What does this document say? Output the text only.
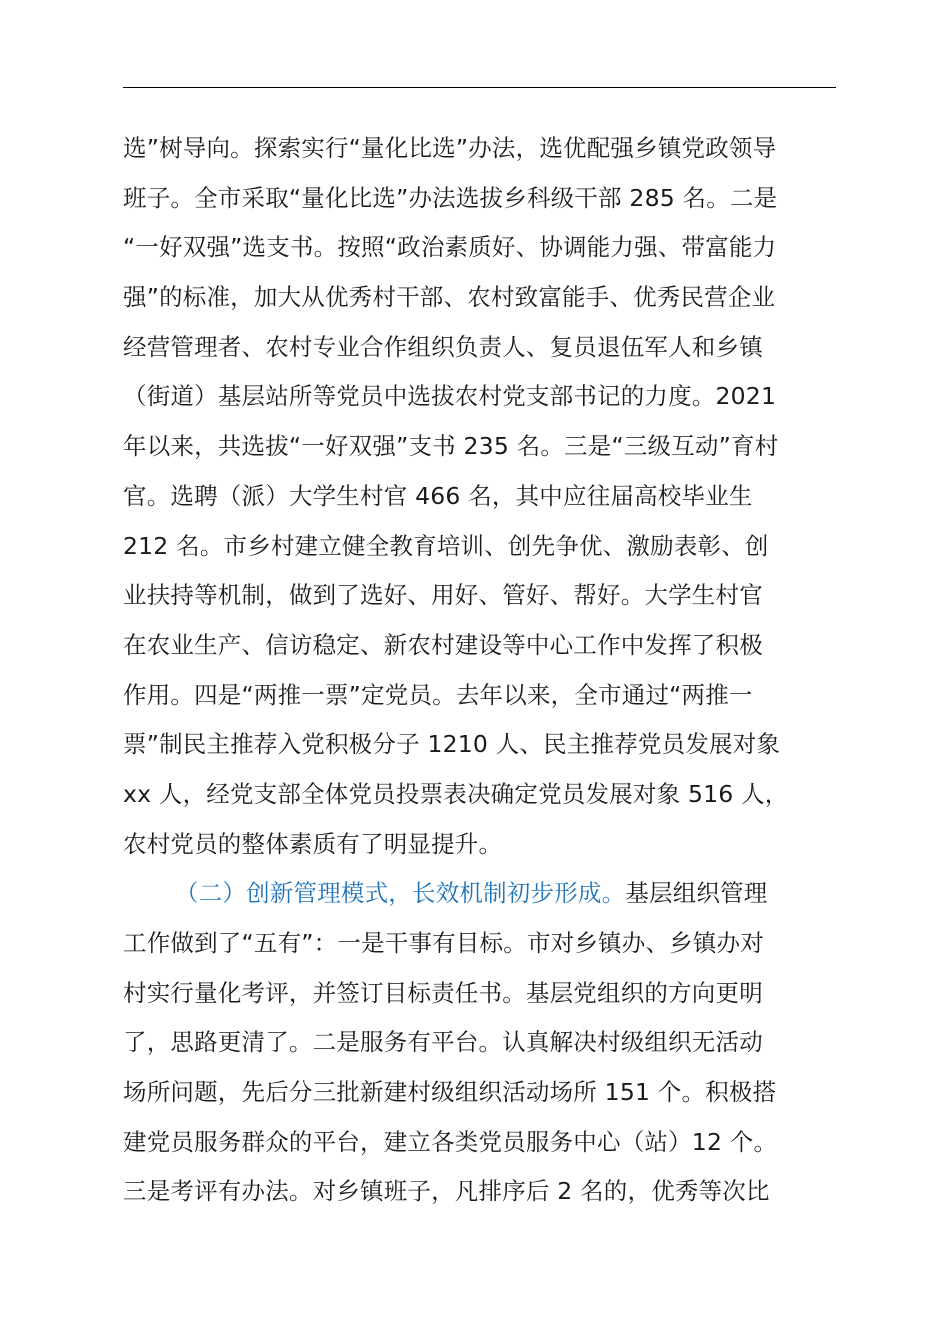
选”树导向。探索实行“量化比选”办法，选优配强乡镇党政领导
班子。全市采取“量化比选”办法选拔乡科级干部 285 名。二是
“一好双强”选支书。按照“政治素质好、协调能力强、带富能力
强”的标准，加大从优秀村干部、农村致富能手、优秀民营企业
经营管理者、农村专业合作组织负责人、复员退伍军人和乡镇
（街道）基层站所等党员中选拔农村党支部书记的力度。2021
年以来，共选拔“一好双强”支书 235 名。三是“三级互动”育村
官。选聘（派）大学生村官 466 名，其中应往届高校毕业生
212 名。市乡村建立健全教育培训、创先争优、激励表彰、创
业扶持等机制，做到了选好、用好、管好、帮好。大学生村官
在农业生产、信访稳定、新农村建设等中心工作中发挥了积极
作用。四是“两推一票”定党员。去年以来，全市通过“两推一
票”制民主推荐入党积极分子 1210 人、民主推荐党员发展对象
xx 人，经党支部全体党员投票表决确定党员发展对象 516 人，
农村党员的整体素质有了明显提升。
（二）创新管理模式，长效机制初步形成。基层组织管理
工作做到了“五有”：一是干事有目标。市对乡镇办、乡镇办对
村实行量化考评，并签订目标责任书。基层党组织的方向更明
了，思路更清了。二是服务有平台。认真解决村级组织无活动
场所问题，先后分三批新建村级组织活动场所 151 个。积极搭
建党员服务群众的平台，建立各类党员服务中心（站）12 个。
三是考评有办法。对乡镇班子，凡排序后 2 名的，优秀等次比
